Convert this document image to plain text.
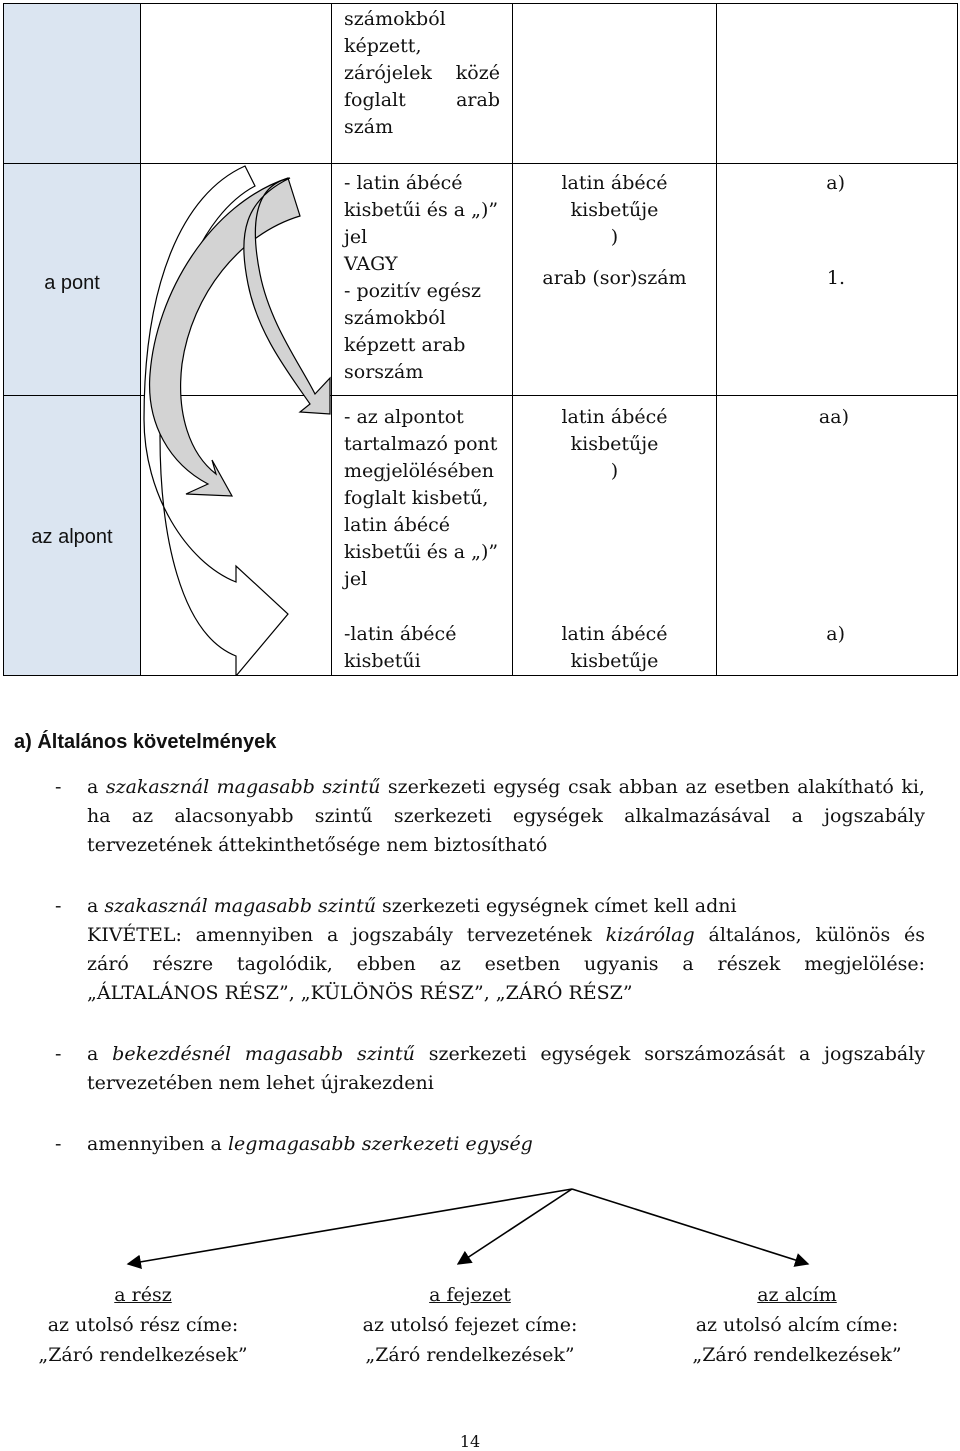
számokból
képzett,
zárójelek közé
foglalt arab
szám
a pont
- latin ábécé
kisbetűi és a „)”
jel
VAGY
- pozitív egész
számokból
képzett arab
sorszám
latin ábécé
kisbetűje
)
arab (sor)szám
a)
1.
az alpont
- az alpontot
tartalmazó pont
megjelölésében
foglalt kisbetű,
latin ábécé
kisbetűi és a „)”
jel
latin ábécé
kisbetűje
)
aa)
-latin ábécé
kisbetűi
latin ábécé
kisbetűje
a)
a) Általános követelmények
- a szakasznál magasabb szintű szerkezeti egység csak abban az esetben alakítható ki,
ha az alacsonyabb szintű szerkezeti egységek alkalmazásával a jogszabály
tervezetének áttekinthetősége nem biztosítható
- a szakasznál magasabb szintű szerkezeti egységnek címet kell adni
KIVÉTEL: amennyiben a jogszabály tervezetének kizárólag általános, különös és
záró részre tagolódik, ebben az esetben ugyanis a részek megjelölése:
„ÁLTALÁNOS RÉSZ”, „KÜLÖNÖS RÉSZ”, „ZÁRÓ RÉSZ”
- a bekezdésnél magasabb szintű szerkezeti egységek sorszámozását a jogszabály
tervezetében nem lehet újrakezdeni
- amennyiben a legmagasabb szerkezeti egység
a rész
az utolsó rész címe:
„Záró rendelkezések”
a fejezet
az utolsó fejezet címe:
„Záró rendelkezések”
az alcím
az utolsó alcím címe:
„Záró rendelkezések”
14
